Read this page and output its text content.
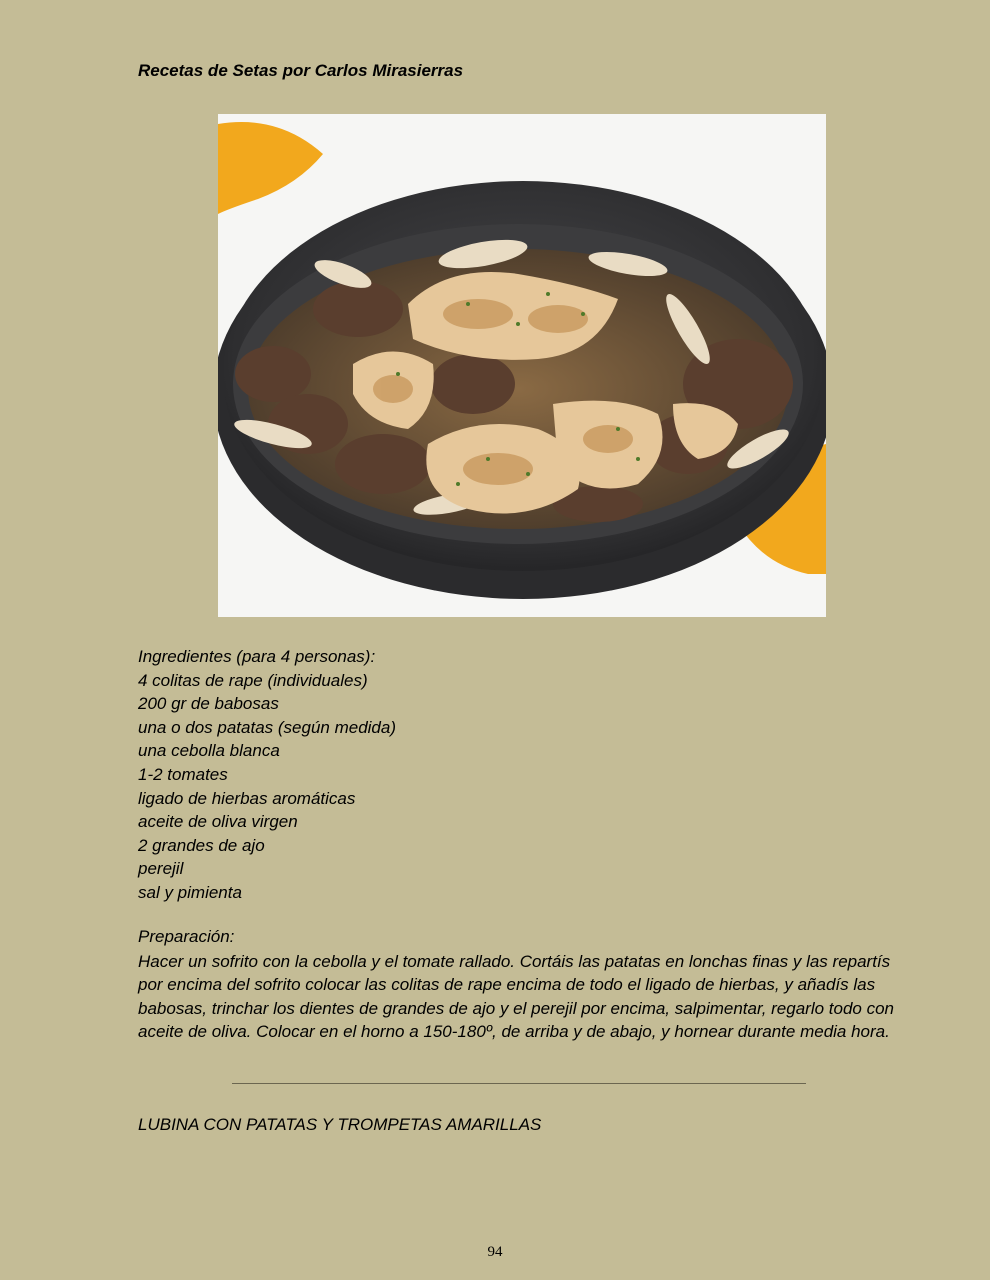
Recetas de Setas por Carlos Mirasierras
Ingredientes (para 4 personas):
4 colitas de rape (individuales)
200 gr de babosas
una o dos patatas (según medida)
una cebolla blanca
1-2 tomates
ligado de hierbas aromáticas
aceite de oliva virgen
2 grandes de ajo
perejil
sal y pimienta
Preparación:
Hacer un sofrito con la cebolla y el tomate rallado. Cortáis las patatas en lonchas finas y las repartís por encima del sofrito colocar las colitas de rape encima de todo el ligado de hierbas, y añadís las babosas, trinchar los dientes de grandes de ajo y el perejil por encima, salpimentar, regarlo todo con aceite de oliva. Colocar en el horno a 150-180º, de arriba y de abajo, y hornear durante media hora.
LUBINA CON PATATAS Y TROMPETAS AMARILLAS
94
